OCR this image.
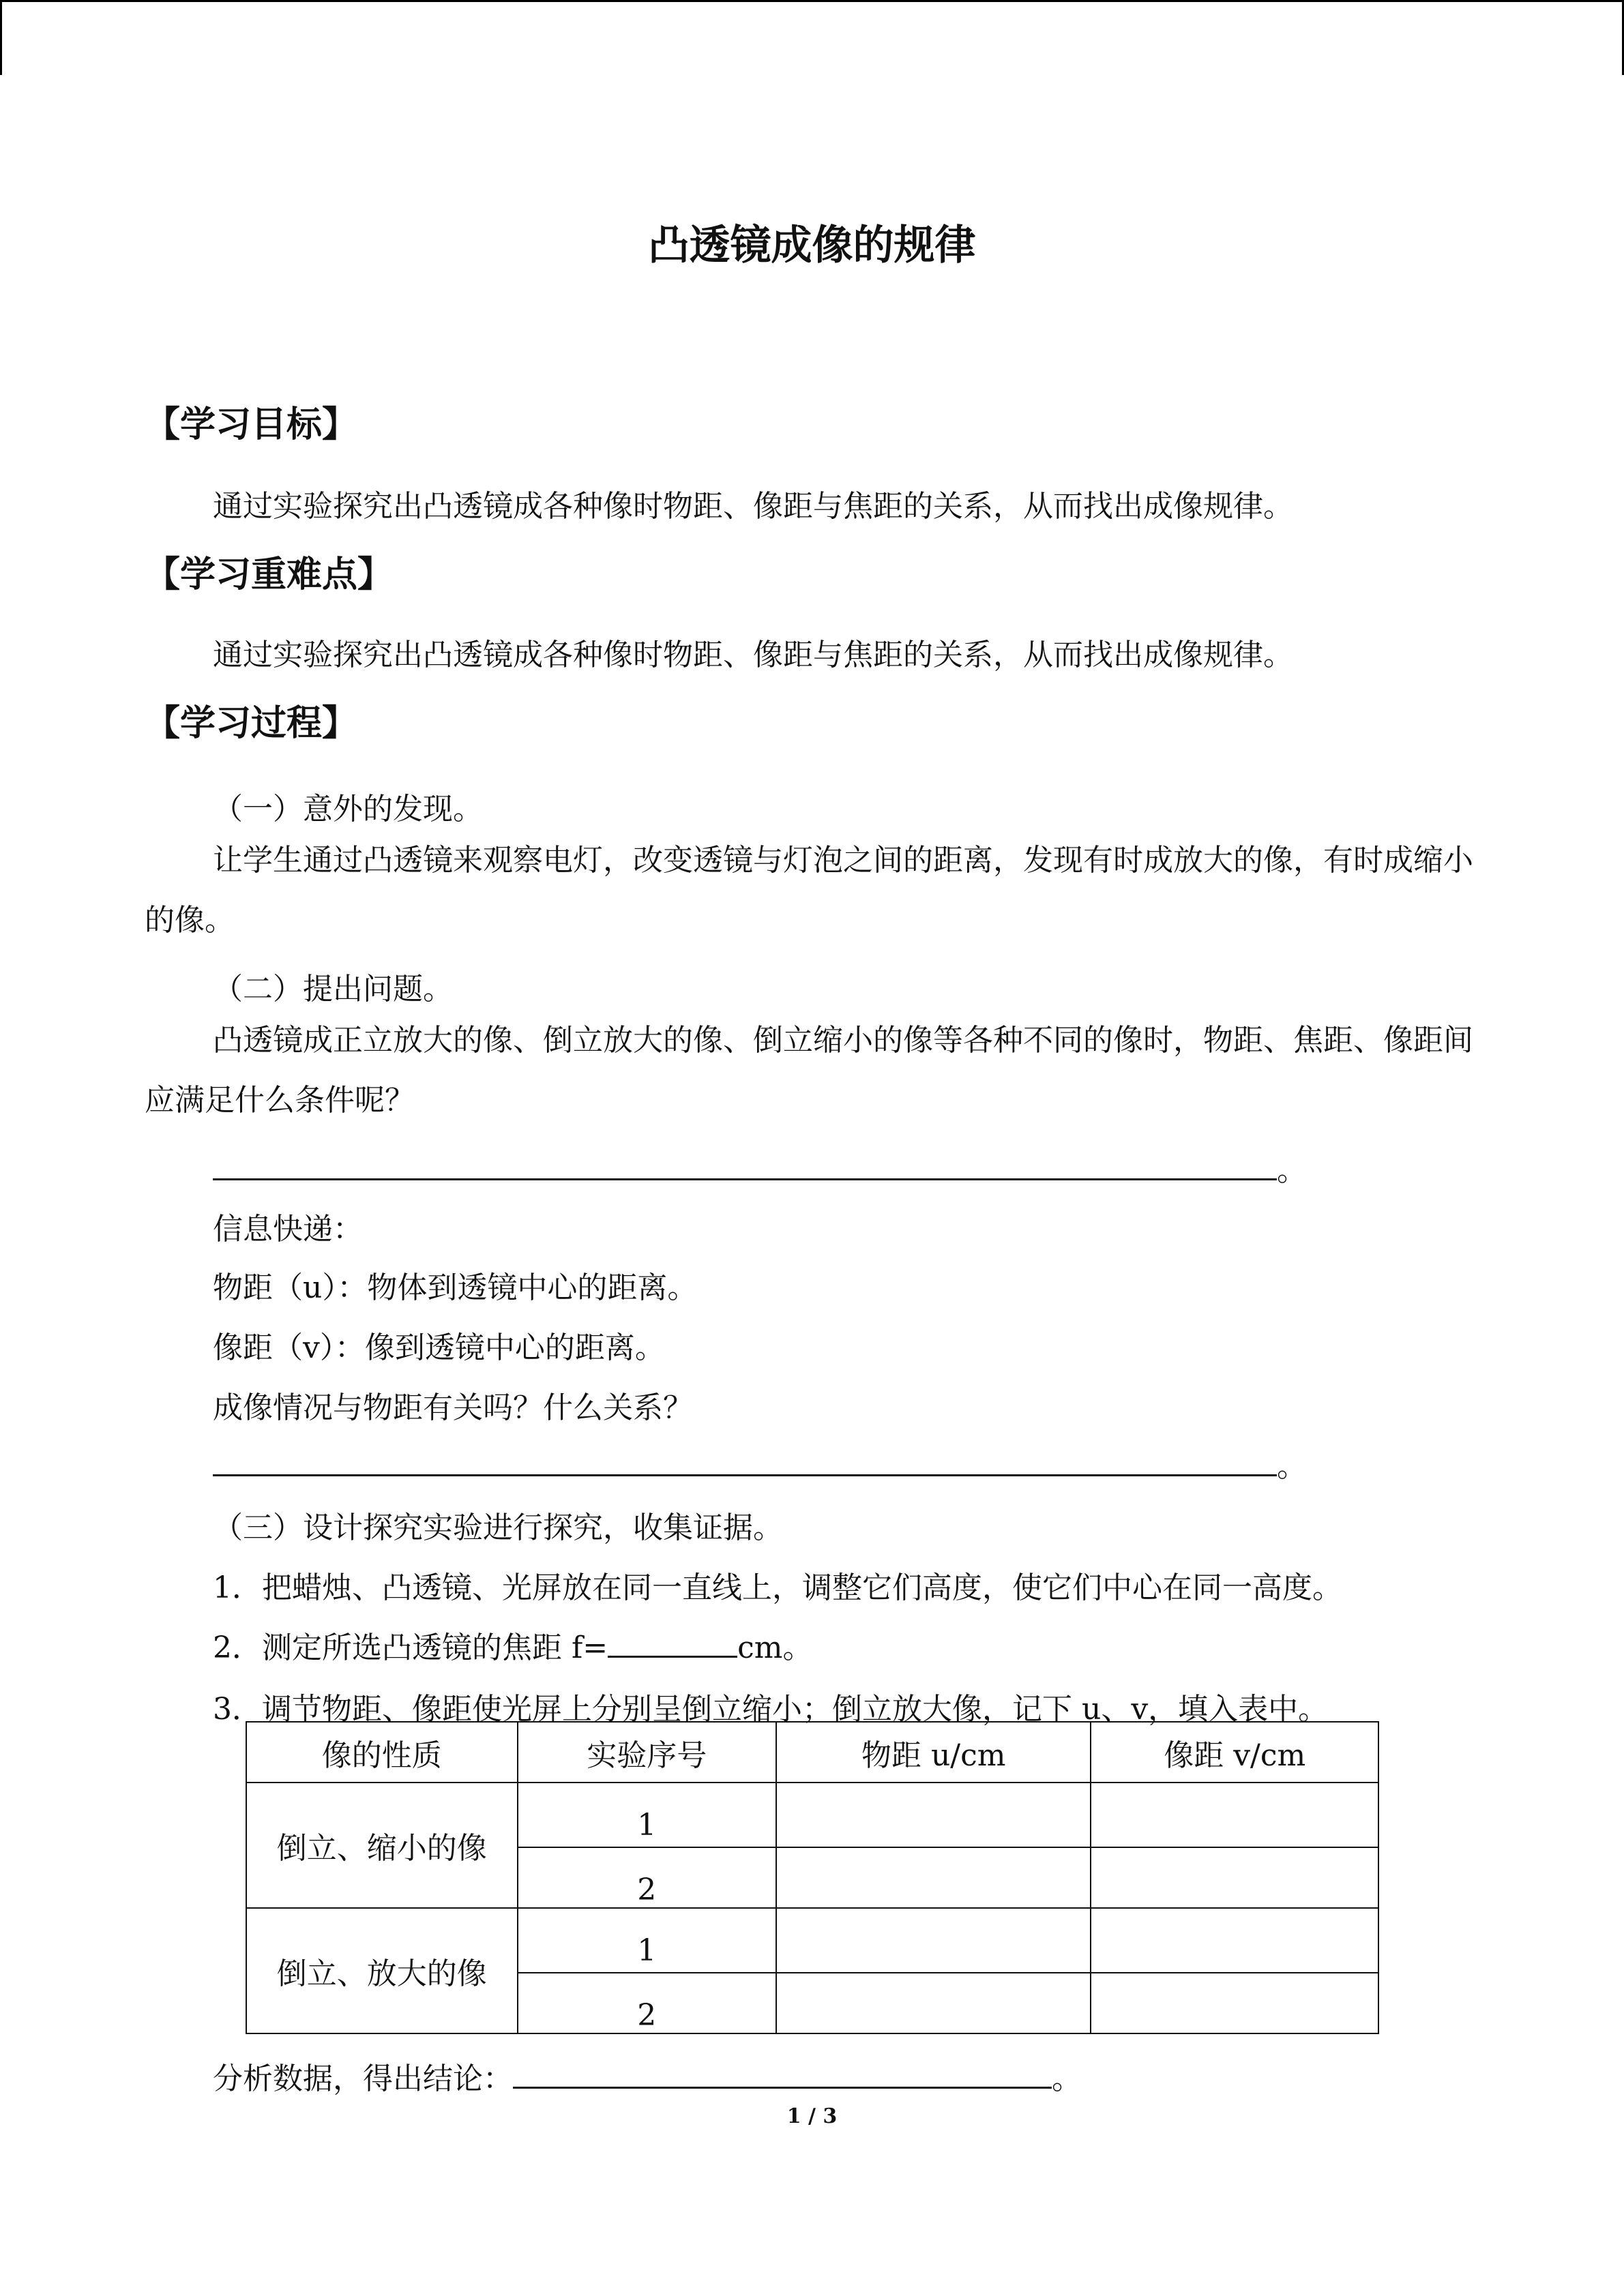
凸透镜成像的规律
【学习目标】
通过实验探究出凸透镜成各种像时物距、像距与焦距的关系，从而找出成像规律。
【学习重难点】
通过实验探究出凸透镜成各种像时物距、像距与焦距的关系，从而找出成像规律。
【学习过程】
（一）意外的发现。
让学生通过凸透镜来观察电灯，改变透镜与灯泡之间的距离，发现有时成放大的像，有时成缩小的像。
（二）提出问题。
凸透镜成正立放大的像、倒立放大的像、倒立缩小的像等各种不同的像时，物距、焦距、像距间应满足什么条件呢？
。
信息快递：
物距（u）：物体到透镜中心的距离。
像距（v）：像到透镜中心的距离。
成像情况与物距有关吗？什么关系？
。
（三）设计探究实验进行探究，收集证据。
1．把蜡烛、凸透镜、光屏放在同一直线上，调整它们高度，使它们中心在同一高度。
2．测定所选凸透镜的焦距 f=	cm。
3．调节物距、像距使光屏上分别呈倒立缩小；倒立放大像，记下 u、v，填入表中。
像的性质	实验序号	物距 u/cm	像距 v/cm
倒立、缩小的像	1		
	2		
倒立、放大的像	1		
	2		
分析数据，得出结论：	。
1 / 3
